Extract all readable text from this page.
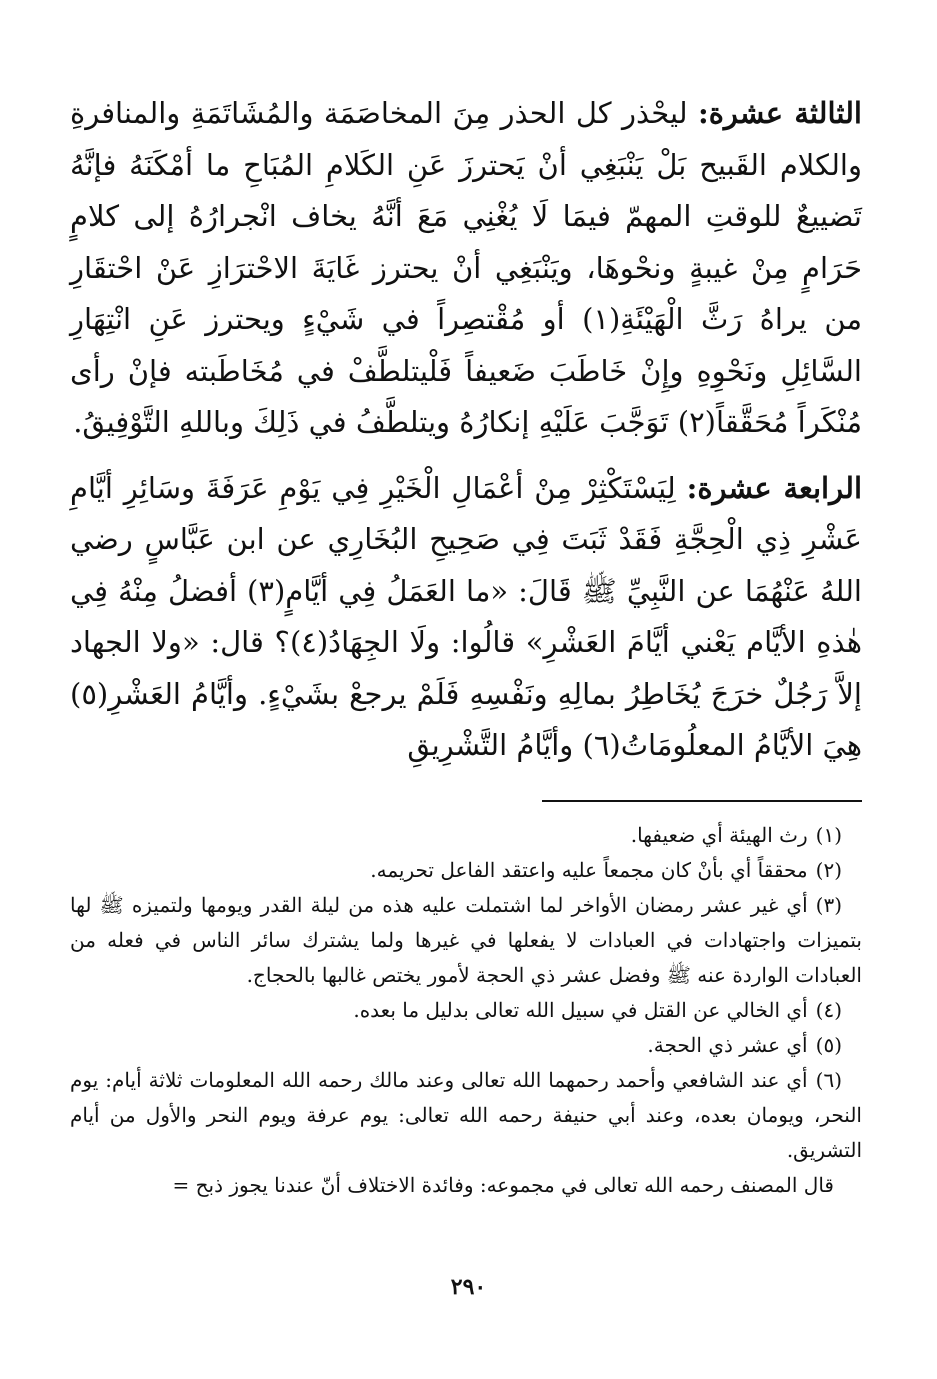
الثالثة عشرة: ليحْذر كل الحذر مِنَ المخاصَمَة والمُشَاتَمَةِ والمنافرةِ والكلام القَبيح بَلْ يَنْبَغِي أنْ يَحترزَ عَنِ الكَلامِ المُبَاحِ ما أمْكَنَهُ فإنَّهُ تَضييعٌ للوقتِ المهمّ فيمَا لَا يُغْنِي مَعَ أنَّهُ يخاف انْجرارُهُ إلى كلامٍ حَرَامٍ مِنْ غيبةٍ ونحْوهَا، ويَنْبَغِي أنْ يحترز غَايَةَ الاحْترَازِ عَنْ احْتقَارِ من يراهُ رَثَّ الْهَيْئَةِ(١) أو مُقْتصِراً في شَيْءٍ ويحترز عَنِ انْتِهَارِ السَّائِلِ ونَحْوِهِ وإِنْ خَاطَبَ ضَعيفاً فَلْيتلطَّفْ في مُخَاطَبته فإنْ رأى مُنْكَراً مُحَقَّقاً(٢) تَوَجَّبَ عَلَيْهِ إنكارُهُ ويتلطَّفُ في ذَلِكَ وباللهِ التَّوْفِيقُ.

الرابعة عشرة: لِيَسْتَكْثِرْ مِنْ أعْمَالِ الْخَيْرِ فِي يَوْمِ عَرَفَةَ وسَائِرِ أيَّامِ عَشْرِ ذِي الْحِجَّةِ فَقَدْ ثَبَتَ فِي صَحِيحِ البُخَارِي عن ابن عَبَّاسٍ رضي اللهُ عَنْهُمَا عن النَّبِيِّ ﷺ قَالَ: «ما العَمَلُ فِي أيَّامٍ(٣) أفضلُ مِنْهُ فِي هٰذهِ الأيَّام يَعْني أيَّامَ العَشْرِ» قالُوا: ولَا الجِهَادُ(٤)؟ قال: «ولا الجهاد إلاَّ رَجُلٌ خرَجَ يُخَاطِرُ بمالِهِ ونَفْسِهِ فَلَمْ يرجعْ بشَيْءٍ. وأيَّامُ العَشْرِ(٥) هِيَ الأيَّامُ المعلُومَاتُ(٦) وأيَّامُ التَّشْرِيقِ

(١)رث الهيئة أي ضعيفها.

(٢)محققاً أي بأنْ كان مجمعاً عليه واعتقد الفاعل تحريمه.

(٣)أي غير عشر رمضان الأواخر لما اشتملت عليه هذه من ليلة القدر ويومها ولتميزه ﷺ لها بتميزات واجتهادات في العبادات لا يفعلها في غيرها ولما يشترك سائر الناس في فعله من العبادات الواردة عنه ﷺ وفضل عشر ذي الحجة لأمور يختص غالبها بالحجاج.

(٤)أي الخالي عن القتل في سبيل الله تعالى بدليل ما بعده.

(٥)أي عشر ذي الحجة.

(٦)أي عند الشافعي وأحمد رحمهما الله تعالى وعند مالك رحمه الله المعلومات ثلاثة أيام: يوم النحر، ويومان بعده، وعند أبي حنيفة رحمه الله تعالى: يوم عرفة ويوم النحر والأول من أيام التشريق.

قال المصنف رحمه الله تعالى في مجموعه: وفائدة الاختلاف أنّ عندنا يجوز ذبح =

٢٩٠
